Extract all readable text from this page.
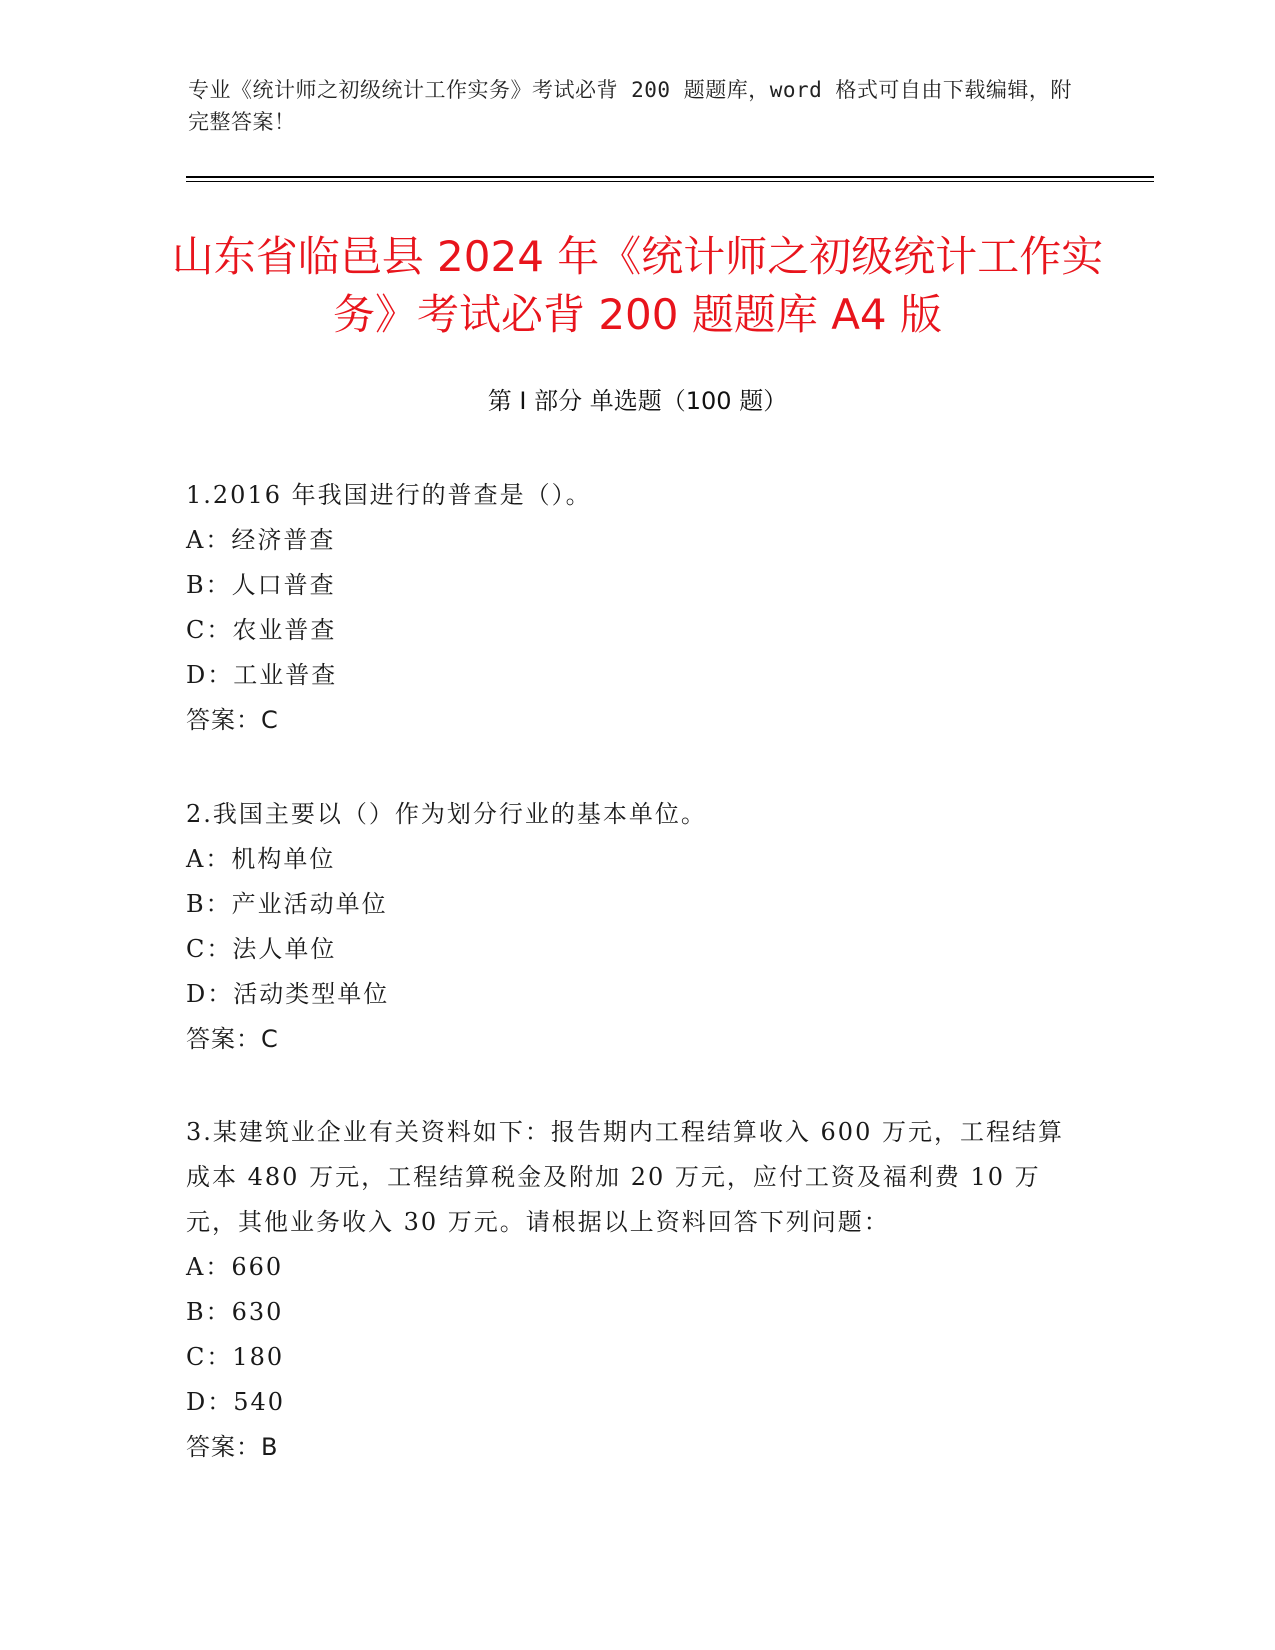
专业《统计师之初级统计工作实务》考试必背 200 题题库，word 格式可自由下载编辑，附完整答案！
山东省临邑县 2024 年《统计师之初级统计工作实务》考试必背 200 题题库 A4 版
第 I 部分 单选题（100 题）

1.2016 年我国进行的普查是（）。

A：经济普查

B：人口普查

C：农业普查

D：工业普查

答案：C

2.我国主要以（）作为划分行业的基本单位。

A：机构单位

B：产业活动单位

C：法人单位

D：活动类型单位

答案：C

3.某建筑业企业有关资料如下：报告期内工程结算收入 600 万元，工程结算成本 480 万元，工程结算税金及附加 20 万元，应付工资及福利费 10 万元，其他业务收入 30 万元。请根据以上资料回答下列问题：

A：660

B：630

C：180

D：540

答案：B
